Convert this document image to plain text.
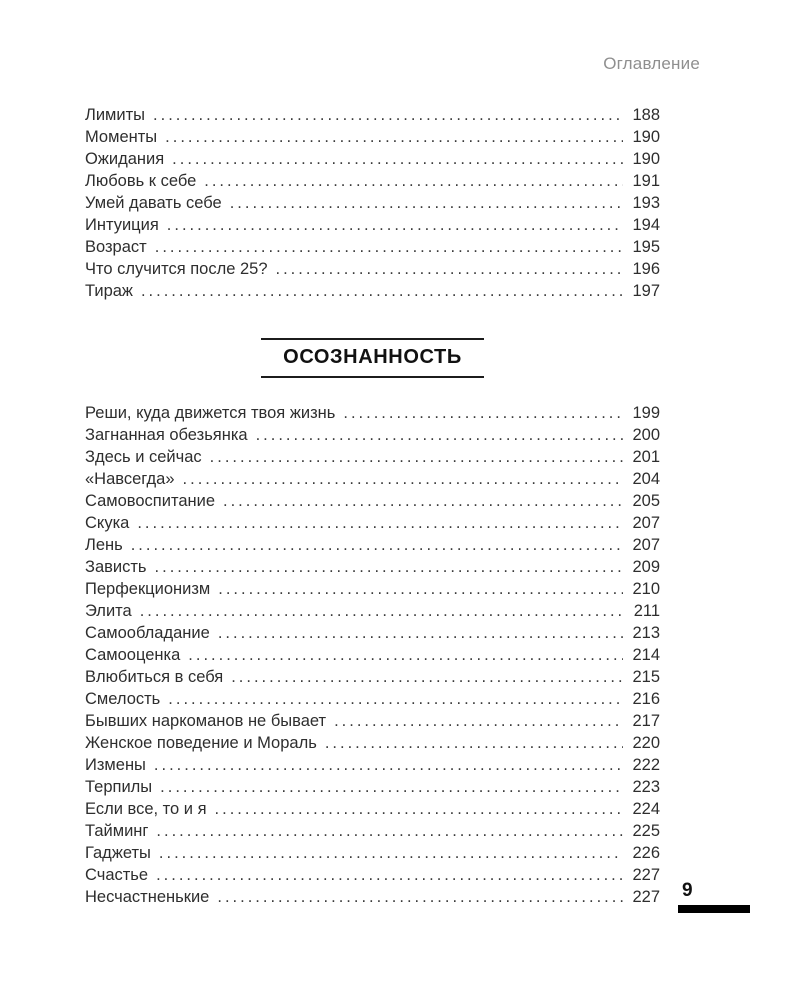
Оглавление
Лимиты .....	188
Моменты .....	190
Ожидания .....	190
Любовь к себе .....	191
Умей давать себе .....	193
Интуиция .....	194
Возраст .....	195
Что случится после 25? .....	196
Тираж .....	197
ОСОЗНАННОСТЬ
Реши, куда движется твоя жизнь .....	199
Загнанная обезьянка .....	200
Здесь и сейчас .....	201
«Навсегда» .....	204
Самовоспитание .....	205
Скука .....	207
Лень .....	207
Зависть .....	209
Перфекционизм .....	210
Элита .....	211
Самообладание .....	213
Самооценка .....	214
Влюбиться в себя .....	215
Смелость .....	216
Бывших наркоманов не бывает .....	217
Женское поведение и Мораль .....	220
Измены .....	222
Терпилы .....	223
Если все, то и я .....	224
Тайминг .....	225
Гаджеты .....	226
Счастье .....	227
Несчастненькие .....	227 9
